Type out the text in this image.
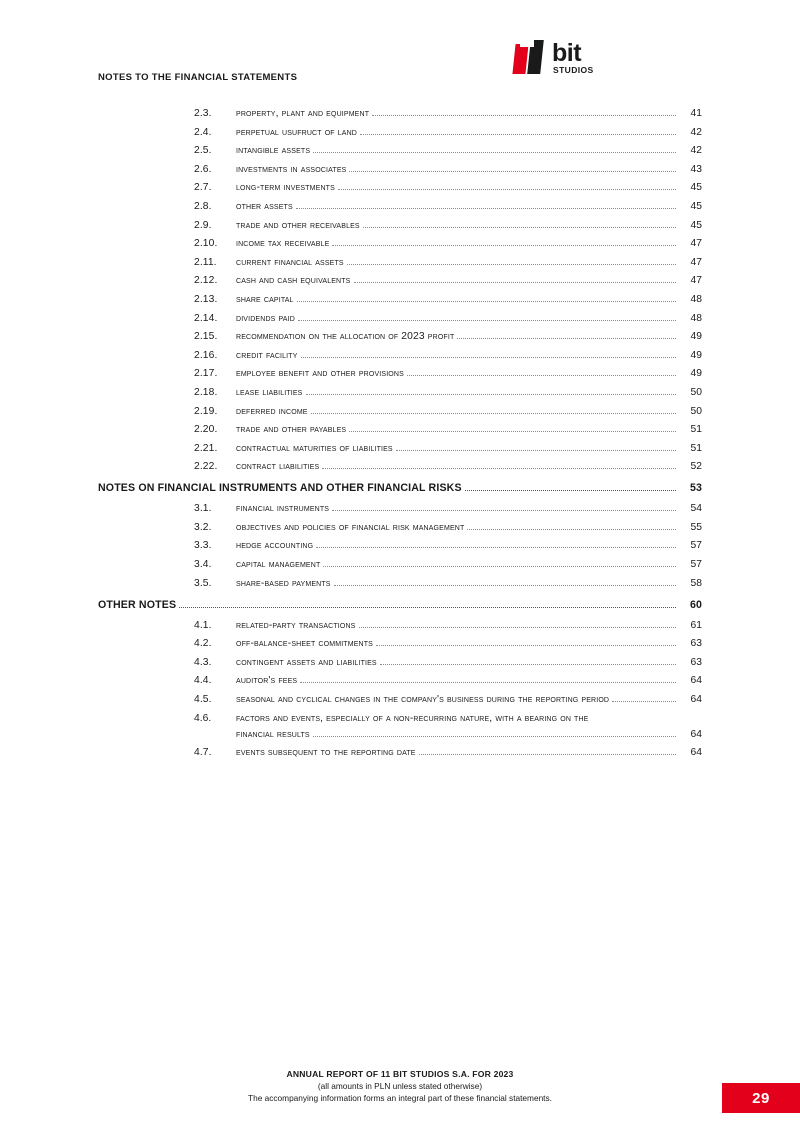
NOTES TO THE FINANCIAL STATEMENTS
bit
STUDIOS
2.3.	property, plant and equipment	41
2.4.	perpetual usufruct of land	42
2.5.	intangible assets	42
2.6.	investments in associates	43
2.7.	long-term investments	45
2.8.	other assets	45
2.9.	trade and other receivables	45
2.10.	income tax receivable	47
2.11.	current financial assets	47
2.12.	cash and cash equivalents	47
2.13.	share capital	48
2.14.	dividends paid	48
2.15.	recommendation on the allocation of 2023 profit	49
2.16.	credit facility	49
2.17.	employee benefit and other provisions	49
2.18.	lease liabilities	50
2.19.	deferred income	50
2.20.	trade and other payables	51
2.21.	contractual maturities of liabilities	51
2.22.	contract liabilities	52
NOTES ON FINANCIAL INSTRUMENTS AND OTHER FINANCIAL RISKS	53
3.1.	financial instruments	54
3.2.	objectives and policies of financial risk management	55
3.3.	hedge accounting	57
3.4.	capital management	57
3.5.	share-based payments	58
OTHER NOTES	60
4.1.	related-party transactions	61
4.2.	off-balance-sheet commitments	63
4.3.	contingent assets and liabilities	63
4.4.	auditor's fees	64
4.5.	seasonal and cyclical changes in the company's business during the reporting period	64
4.6.	factors and events, especially of a non-recurring nature, with a bearing on the
financial results	64
4.7.	events subsequent to the reporting date	64
ANNUAL REPORT OF 11 BIT STUDIOS S.A. FOR 2023
(all amounts in PLN unless stated otherwise)
The accompanying information forms an integral part of these financial statements.	29
